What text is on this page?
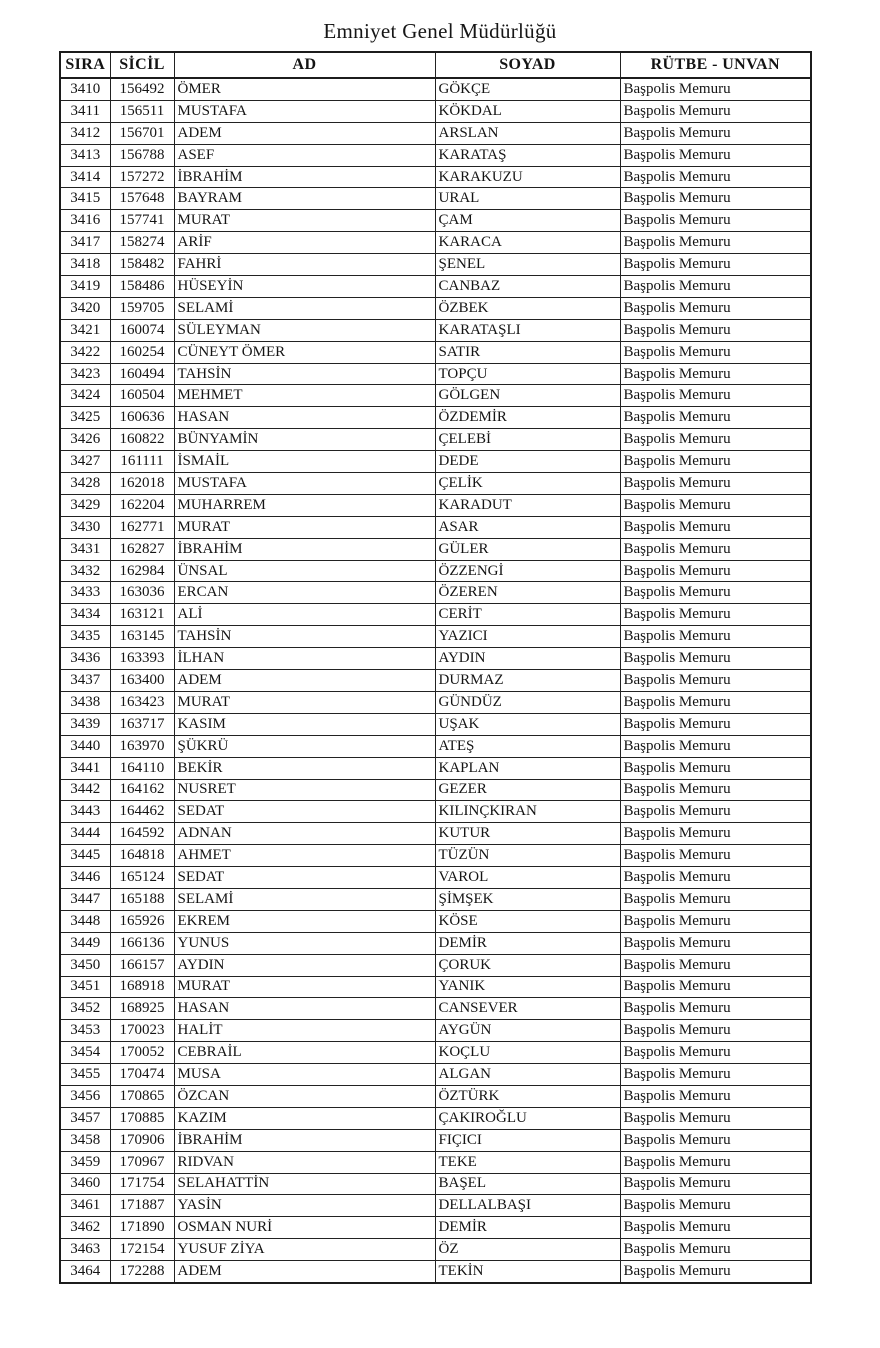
Emniyet Genel Müdürlüğü
SIRA	SİCİL	AD	SOYAD	RÜTBE - UNVAN
3410	156492	ÖMER	GÖKÇE	Başpolis Memuru
3411	156511	MUSTAFA	KÖKDAL	Başpolis Memuru
3412	156701	ADEM	ARSLAN	Başpolis Memuru
3413	156788	ASEF	KARATAŞ	Başpolis Memuru
3414	157272	İBRAHİM	KARAKUZU	Başpolis Memuru
3415	157648	BAYRAM	URAL	Başpolis Memuru
3416	157741	MURAT	ÇAM	Başpolis Memuru
3417	158274	ARİF	KARACA	Başpolis Memuru
3418	158482	FAHRİ	ŞENEL	Başpolis Memuru
3419	158486	HÜSEYİN	CANBAZ	Başpolis Memuru
3420	159705	SELAMİ	ÖZBEK	Başpolis Memuru
3421	160074	SÜLEYMAN	KARATAŞLI	Başpolis Memuru
3422	160254	CÜNEYT ÖMER	SATIR	Başpolis Memuru
3423	160494	TAHSİN	TOPÇU	Başpolis Memuru
3424	160504	MEHMET	GÖLGEN	Başpolis Memuru
3425	160636	HASAN	ÖZDEMİR	Başpolis Memuru
3426	160822	BÜNYAMİN	ÇELEBİ	Başpolis Memuru
3427	161111	İSMAİL	DEDE	Başpolis Memuru
3428	162018	MUSTAFA	ÇELİK	Başpolis Memuru
3429	162204	MUHARREM	KARADUT	Başpolis Memuru
3430	162771	MURAT	ASAR	Başpolis Memuru
3431	162827	İBRAHİM	GÜLER	Başpolis Memuru
3432	162984	ÜNSAL	ÖZZENGİ	Başpolis Memuru
3433	163036	ERCAN	ÖZEREN	Başpolis Memuru
3434	163121	ALİ	CERİT	Başpolis Memuru
3435	163145	TAHSİN	YAZICI	Başpolis Memuru
3436	163393	İLHAN	AYDIN	Başpolis Memuru
3437	163400	ADEM	DURMAZ	Başpolis Memuru
3438	163423	MURAT	GÜNDÜZ	Başpolis Memuru
3439	163717	KASIM	UŞAK	Başpolis Memuru
3440	163970	ŞÜKRÜ	ATEŞ	Başpolis Memuru
3441	164110	BEKİR	KAPLAN	Başpolis Memuru
3442	164162	NUSRET	GEZER	Başpolis Memuru
3443	164462	SEDAT	KILINÇKIRAN	Başpolis Memuru
3444	164592	ADNAN	KUTUR	Başpolis Memuru
3445	164818	AHMET	TÜZÜN	Başpolis Memuru
3446	165124	SEDAT	VAROL	Başpolis Memuru
3447	165188	SELAMİ	ŞİMŞEK	Başpolis Memuru
3448	165926	EKREM	KÖSE	Başpolis Memuru
3449	166136	YUNUS	DEMİR	Başpolis Memuru
3450	166157	AYDIN	ÇORUK	Başpolis Memuru
3451	168918	MURAT	YANIK	Başpolis Memuru
3452	168925	HASAN	CANSEVER	Başpolis Memuru
3453	170023	HALİT	AYGÜN	Başpolis Memuru
3454	170052	CEBRAİL	KOÇLU	Başpolis Memuru
3455	170474	MUSA	ALGAN	Başpolis Memuru
3456	170865	ÖZCAN	ÖZTÜRK	Başpolis Memuru
3457	170885	KAZIM	ÇAKIROĞLU	Başpolis Memuru
3458	170906	İBRAHİM	FIÇICI	Başpolis Memuru
3459	170967	RIDVAN	TEKE	Başpolis Memuru
3460	171754	SELAHATTİN	BAŞEL	Başpolis Memuru
3461	171887	YASİN	DELLALBAŞI	Başpolis Memuru
3462	171890	OSMAN NURİ	DEMİR	Başpolis Memuru
3463	172154	YUSUF ZİYA	ÖZ	Başpolis Memuru
3464	172288	ADEM	TEKİN	Başpolis Memuru
